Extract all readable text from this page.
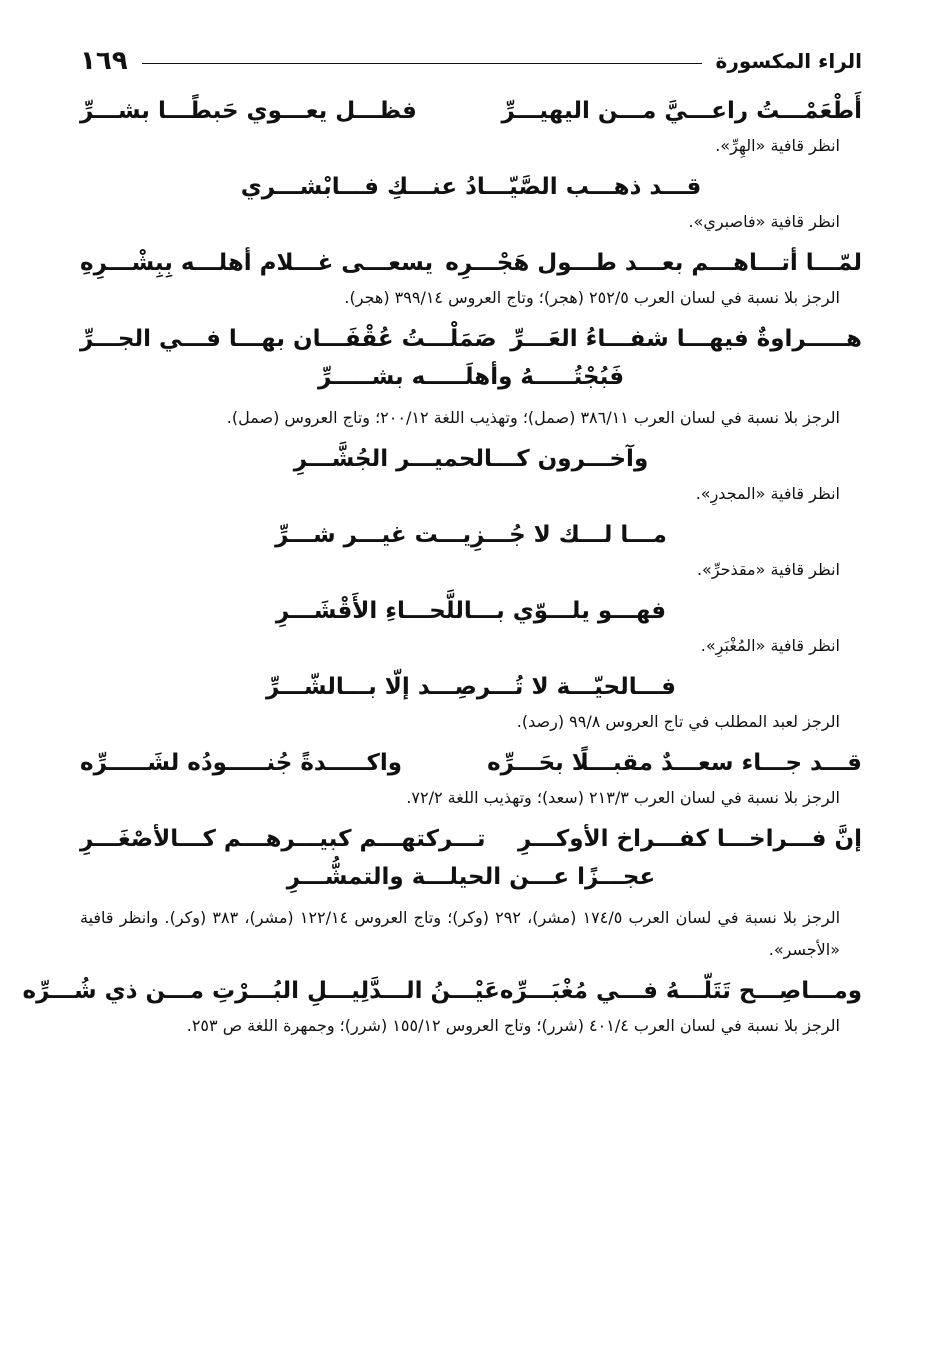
الراء المكسورة
١٦٩
أَطْعَمْـــتُ راعـــيَّ مـــن اليهيـــرِّ
فظـــل يعـــوي حَبطًـــا بشـــرِّ
انظر قافية «الهِرِّ».
قـــد ذهـــب الصَّيّـــادُ عنـــكِ فـــابْشـــري
انظر قافية «فاصبري».
لمّـــا أتـــاهـــم بعـــد طـــول هَجْـــرِه
يسعـــى غـــلام أهلـــه بِبِشْـــرِهِ
الرجز بلا نسبة في لسان العرب ٢٥٢/٥ (هجر)؛ وتاج العروس ٣٩٩/١٤ (هجر).
هـــــراوةٌ فيهـــا شفـــاءُ العَـــرِّ
صَمَلْـــتُ عُقْفَـــان بهـــا فـــي الجـــرِّ
فَبُجْتُـــــهُ وأهلَـــــه بشـــــرِّ
الرجز بلا نسبة في لسان العرب ٣٨٦/١١ (صمل)؛ وتهذيب اللغة ٢٠٠/١٢؛ وتاج العروس (صمل).
وآخـــرون كـــالحميـــر الجُشَّـــرِ
انظر قافية «المجدرِ».
مـــا لـــك لا جُـــزِيـــت غيـــر شـــرِّ
انظر قافية «مقذحرِّ».
فهـــو يلـــوّي بـــاللَّحـــاءِ الأَقْشَـــرِ
انظر قافية «المُغْبَرِ».
فـــالحيّـــة لا تُـــرصِـــد إلّا بـــالشّـــرِّ
الرجز لعبد المطلب في تاج العروس ٩٩/٨ (رصد).
قـــد جـــاء سعـــدٌ مقبـــلًا بحَـــرِّه
واكـــــدةً جُنـــــودُه لشَـــــرِّه
الرجز بلا نسبة في لسان العرب ٢١٣/٣ (سعد)؛ وتهذيب اللغة ٧٢/٢.
إنَّ فـــراخـــا كفـــراخ الأوكـــرِ
تـــركتهـــم كبيـــرهـــم كـــالأصْغَـــرِ
عجـــزًا عـــن الحيلـــة والتمشُّـــرِ
الرجز بلا نسبة في لسان العرب ١٧٤/٥ (مشر)، ٢٩٢ (وكر)؛ وتاج العروس ١٢٢/١٤ (مشر)، ٣٨٣ (وكر). وانظر قافية «الأجسر».
ومـــاصِـــح تَتَلّـــهُ فـــي مُغْبَـــرِّه
عَيْـــنُ الـــدَّلِيـــلِ البُـــرْتِ مـــن ذي شُـــرِّه
الرجز بلا نسبة في لسان العرب ٤٠١/٤ (شرر)؛ وتاج العروس ١٥٥/١٢ (شرر)؛ وجمهرة اللغة ص ٢٥٣.
